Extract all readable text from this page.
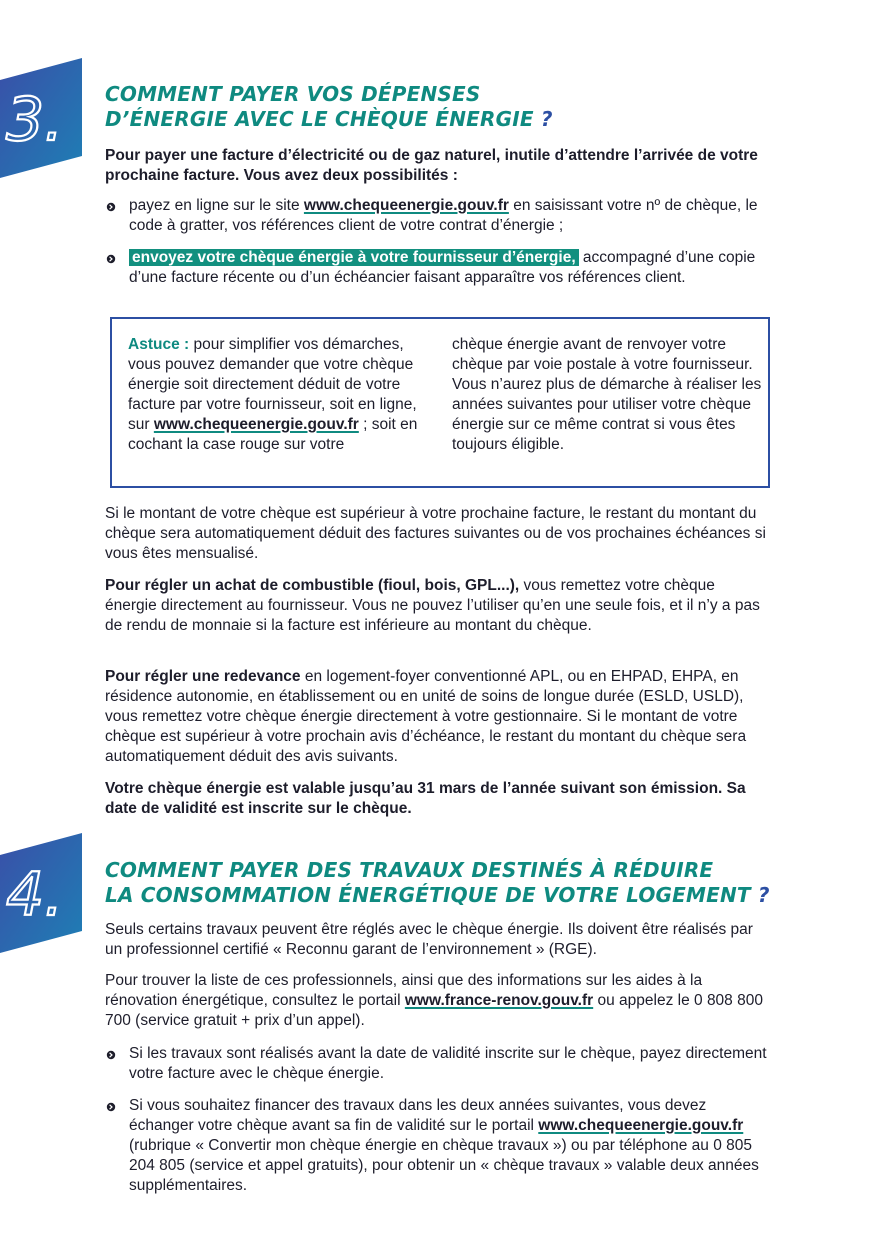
3. COMMENT PAYER VOS DÉPENSES
D’ÉNERGIE AVEC LE CHÈQUE ÉNERGIE ?

Pour payer une facture d’électricité ou de gaz naturel, inutile d’attendre l’arrivée de votre prochaine facture. Vous avez deux possibilités :

payez en ligne sur le site www.chequeenergie.gouv.fr en saisissant votre nº de chèque, le code à gratter, vos références client de votre contrat d’énergie ;

envoyez votre chèque énergie à votre fournisseur d’énergie, accompagné d’une copie d’une facture récente ou d’un échéancier faisant apparaître vos références client.

Astuce : pour simplifier vos démarches, vous pouvez demander que votre chèque énergie soit directement déduit de votre facture par votre fournisseur, soit en ligne, sur www.chequeenergie.gouv.fr ; soit en cochant la case rouge sur votre
chèque énergie avant de renvoyer votre chèque par voie postale à votre fournisseur. Vous n’aurez plus de démarche à réaliser les années suivantes pour utiliser votre chèque énergie sur ce même contrat si vous êtes toujours éligible.

Si le montant de votre chèque est supérieur à votre prochaine facture, le restant du montant du chèque sera automatiquement déduit des factures suivantes ou de vos prochaines échéances si vous êtes mensualisé.

Pour régler un achat de combustible (fioul, bois, GPL...), vous remettez votre chèque énergie directement au fournisseur. Vous ne pouvez l’utiliser qu’en une seule fois, et il n’y a pas de rendu de monnaie si la facture est inférieure au montant du chèque.

Pour régler une redevance en logement-foyer conventionné APL, ou en EHPAD, EHPA, en résidence autonomie, en établissement ou en unité de soins de longue durée (ESLD, USLD), vous remettez votre chèque énergie directement à votre gestionnaire. Si le montant de votre chèque est supérieur à votre prochain avis d’échéance, le restant du montant du chèque sera automatiquement déduit des avis suivants.

Votre chèque énergie est valable jusqu’au 31 mars de l’année suivant son émission. Sa date de validité est inscrite sur le chèque.

4. COMMENT PAYER DES TRAVAUX DESTINÉS À RÉDUIRE
LA CONSOMMATION ÉNERGÉTIQUE DE VOTRE LOGEMENT ?

Seuls certains travaux peuvent être réglés avec le chèque énergie. Ils doivent être réalisés par un professionnel certifié « Reconnu garant de l’environnement » (RGE).

Pour trouver la liste de ces professionnels, ainsi que des informations sur les aides à la rénovation énergétique, consultez le portail www.france-renov.gouv.fr ou appelez le 0 808 800 700 (service gratuit + prix d’un appel).

Si les travaux sont réalisés avant la date de validité inscrite sur le chèque, payez directement votre facture avec le chèque énergie.

Si vous souhaitez financer des travaux dans les deux années suivantes, vous devez échanger votre chèque avant sa fin de validité sur le portail www.chequeenergie.gouv.fr (rubrique « Convertir mon chèque énergie en chèque travaux ») ou par téléphone au 0 805 204 805 (service et appel gratuits), pour obtenir un « chèque travaux » valable deux années supplémentaires.
